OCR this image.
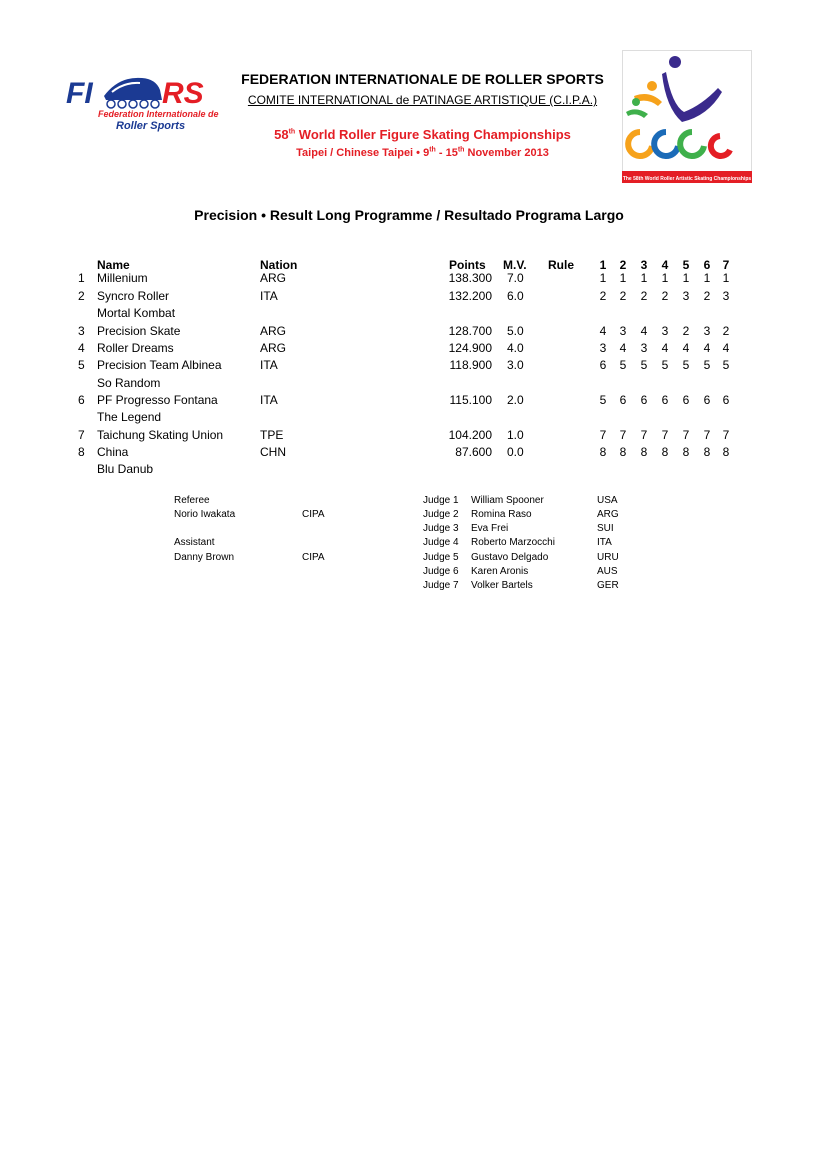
FI RS
Federation Internationale de
Roller Sports
FEDERATION INTERNATIONALE DE ROLLER SPORTS
COMITE INTERNATIONAL de PATINAGE ARTISTIQUE (C.I.P.A.)
58th World Roller Figure Skating Championships
Taipei / Chinese Taipei • 9th - 15th November 2013
The 58th World Roller Artistic Skating Championships
Precision • Result Long Programme / Resultado Programa Largo
Name	Nation	Points M.V. Rule 1 2 3 4 5 6 7
1 Millenium	ARG	138.300 7.0	1 1 1 1 1 1 1
2 Syncro Roller	ITA	132.200 6.0	2 2 2 2 3 2 3
Mortal Kombat
3 Precision Skate	ARG	128.700 5.0	4 3 4 3 2 3 2
4 Roller Dreams	ARG	124.900 4.0	3 4 3 4 4 4 4
5 Precision Team Albinea	ITA	118.900 3.0	6 5 5 5 5 5 5
So Random
6 PF Progresso Fontana	ITA	115.100 2.0	5 6 6 6 6 6 6
The Legend
7 Taichung Skating Union	TPE	104.200 1.0	7 7 7 7 7 7 7
8 China	CHN	87.600 0.0	8 8 8 8 8 8 8
Blu Danub
Referee
Norio Iwakata	CIPA
Assistant
Danny Brown	CIPA
Judge 1 William Spooner	USA
Judge 2 Romina Raso	ARG
Judge 3 Eva Frei	SUI
Judge 4 Roberto Marzocchi	ITA
Judge 5 Gustavo Delgado	URU
Judge 6 Karen Aronis	AUS
Judge 7 Volker Bartels	GER
